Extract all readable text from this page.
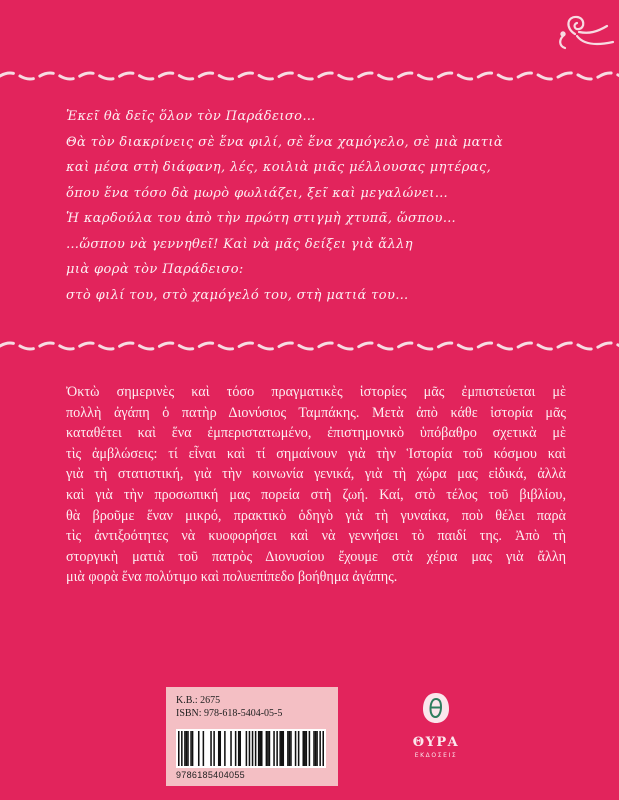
Ἐκεῖ θὰ δεῖς ὅλον τὸν Παράδεισο…
Θὰ τὸν διακρίνεις σὲ ἕνα φιλί, σὲ ἕνα χαμόγελο, σὲ μιὰ ματιὰ
καὶ μέσα στὴ διάφανη, λές, κοιλιὰ μιᾶς μέλλουσας μητέρας,
ὅπου ἕνα τόσο δὰ μωρὸ φωλιάζει, ξεῖ καὶ μεγαλώνει…
Ἡ καρδούλα του ἀπὸ τὴν πρώτη στιγμὴ χτυπᾶ, ὥσπου…
…ὥσπου νὰ γεννηθεῖ! Καὶ νὰ μᾶς δείξει γιὰ ἄλλη
μιὰ φορὰ τὸν Παράδεισο:
στὸ φιλί του, στὸ χαμόγελό του, στὴ ματιά του…
Ὀκτὼ σημερινὲς καὶ τόσο πραγματικὲς ἱστορίες μᾶς ἐμπιστεύεται μὲ
πολλὴ ἀγάπη ὁ πατὴρ Διονύσιος Ταμπάκης. Μετὰ ἀπὸ κάθε ἱστορία μᾶς
καταθέτει καὶ ἕνα ἐμπεριστατωμένο, ἐπιστημονικὸ ὑπόβαθρο σχετικὰ μὲ
τὶς ἀμβλώσεις: τί εἶναι καὶ τί σημαίνουν γιὰ τὴν Ἱστορία τοῦ κόσμου καὶ
γιὰ τὴ στατιστική, γιὰ τὴν κοινωνία γενικά, γιὰ τὴ χώρα μας εἰδικά, ἀλλὰ
καὶ γιὰ τὴν προσωπική μας πορεία στὴ ζωή. Καί, στὸ τέλος τοῦ βιβλίου,
θὰ βροῦμε ἕναν μικρό, πρακτικὸ ὁδηγὸ γιὰ τὴ γυναίκα, ποὺ θέλει παρὰ
τὶς ἀντιξοότητες νὰ κυοφορήσει καὶ νὰ γεννήσει τὸ παιδί της. Ἀπὸ τὴ
στοργικὴ ματιὰ τοῦ πατρὸς Διονυσίου ἔχουμε στὰ χέρια μας γιὰ ἄλλη
μιὰ φορὰ ἕνα πολύτιμο καὶ πολυεπίπεδο βοήθημα ἀγάπης.
K.B.: 2675
ISBN: 978-618-5404-05-5
9786185404055
ΘΥΡΑ
ΕΚΔΟΣΕΙΣ
